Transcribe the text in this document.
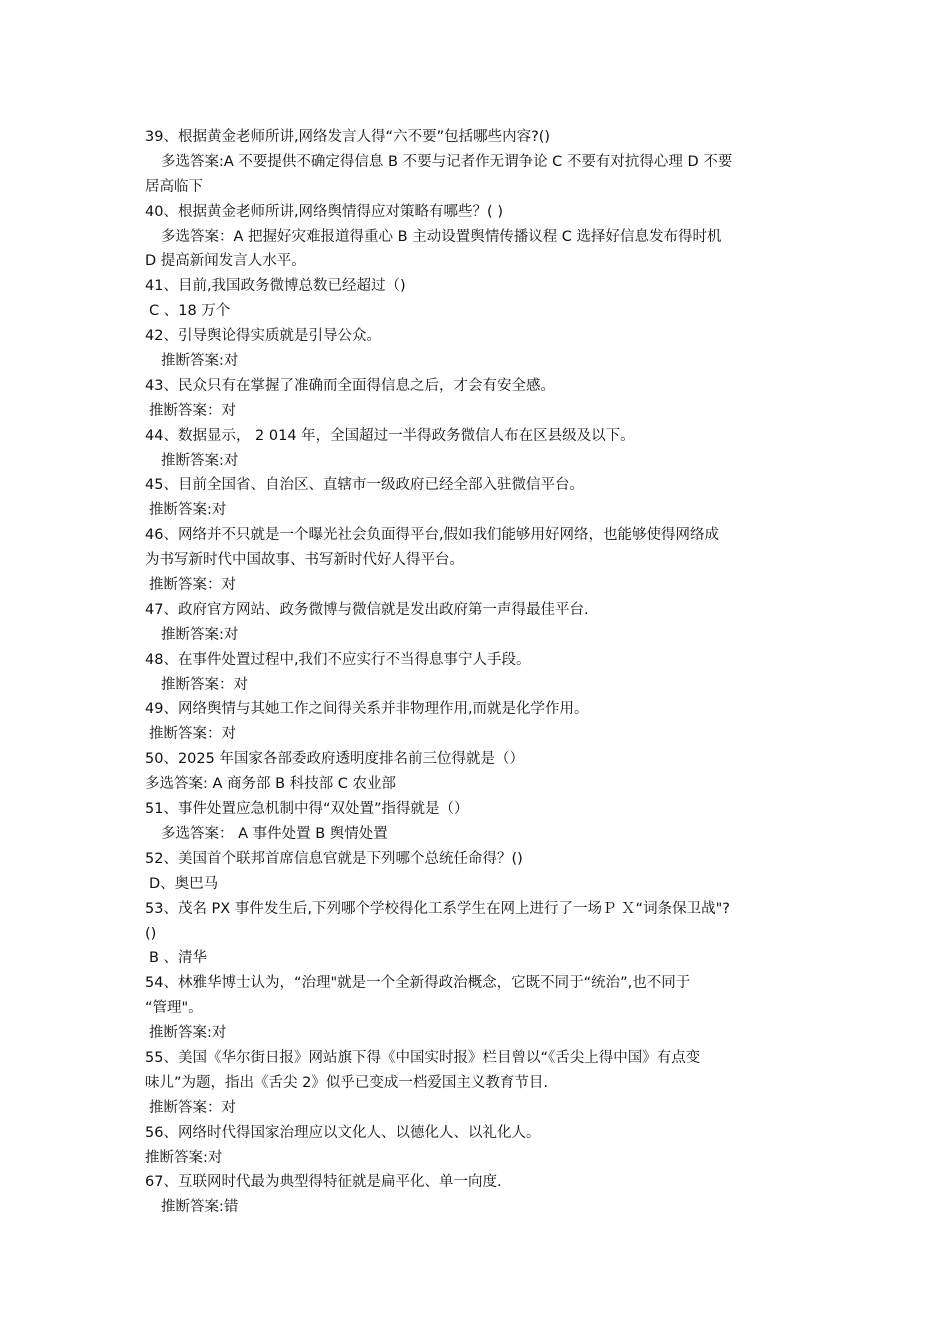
39、根据黄金老师所讲,网络发言人得“六不要”包括哪些内容?()
多选答案:A 不要提供不确定得信息 B 不要与记者作无谓争论 C 不要有对抗得心理 D 不要
居高临下
40、根据黄金老师所讲,网络舆情得应对策略有哪些？( )
多选答案：A 把握好灾难报道得重心 B 主动设置舆情传播议程 C 选择好信息发布得时机
D 提高新闻发言人水平。
41、目前,我国政务微博总数已经超过（)
C 、18 万个
42、引导舆论得实质就是引导公众。
推断答案:对
43、民众只有在掌握了准确而全面得信息之后，才会有安全感。
推断答案：对
44、数据显示， 2 014 年，全国超过一半得政务微信人布在区县级及以下。
推断答案:对
45、目前全国省、自治区、直辖市一级政府已经全部入驻微信平台。
推断答案:对
46、网络并不只就是一个曝光社会负面得平台,假如我们能够用好网络，也能够使得网络成
为书写新时代中国故事、书写新时代好人得平台。
推断答案：对
47、政府官方网站、政务微博与微信就是发出政府第一声得最佳平台.
推断答案:对
48、在事件处置过程中,我们不应实行不当得息事宁人手段。
推断答案：对
49、网络舆情与其她工作之间得关系并非物理作用,而就是化学作用。
推断答案：对
50、2025 年国家各部委政府透明度排名前三位得就是（）
多选答案: A 商务部 B 科技部 C 农业部
51、事件处置应急机制中得“双处置”指得就是（）
多选答案： A 事件处置 B 舆情处置
52、美国首个联邦首席信息官就是下列哪个总统任命得？()
D、奥巴马
53、茂名 PX 事件发生后,下列哪个学校得化工系学生在网上进行了一场Ｐ Ｘ“词条保卫战"?
()
B 、清华
54、林雅华博士认为，“治理"就是一个全新得政治概念，它既不同于“统治”,也不同于
“管理"。
推断答案:对
55、美国《华尔街日报》网站旗下得《中国实时报》栏目曾以“《舌尖上得中国》有点变
味儿”为题，指出《舌尖 2》似乎已变成一档爱国主义教育节目.
推断答案：对
56、网络时代得国家治理应以文化人、以德化人、以礼化人。
推断答案:对
67、互联网时代最为典型得特征就是扁平化、单一向度.
推断答案:错
